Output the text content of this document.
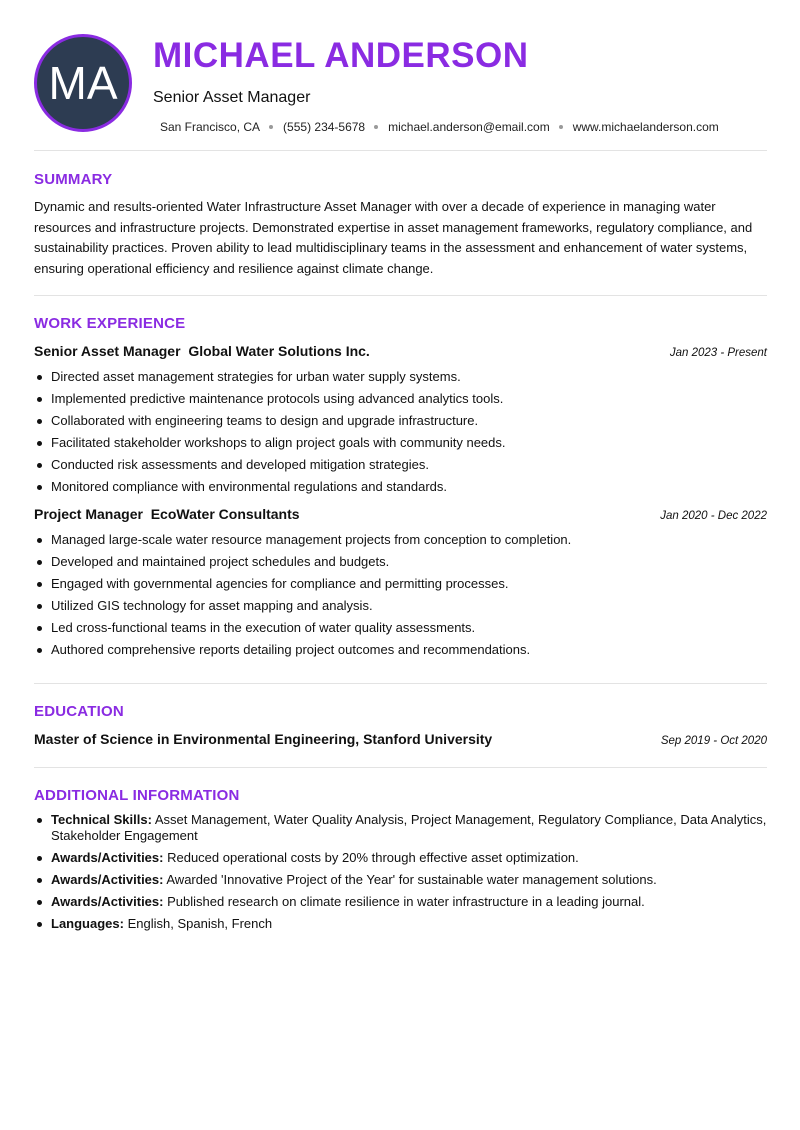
MA
MICHAEL ANDERSON
Senior Asset Manager
San Francisco, CA (555) 234-5678 michael.anderson@email.com www.michaelanderson.com
SUMMARY
Dynamic and results-oriented Water Infrastructure Asset Manager with over a decade of experience in managing water resources and infrastructure projects. Demonstrated expertise in asset management frameworks, regulatory compliance, and sustainability practices. Proven ability to lead multidisciplinary teams in the assessment and enhancement of water systems, ensuring operational efficiency and resilience against climate change.
WORK EXPERIENCE
Senior Asset Manager Global Water Solutions Inc.	Jan 2023 - Present
Directed asset management strategies for urban water supply systems.
Implemented predictive maintenance protocols using advanced analytics tools.
Collaborated with engineering teams to design and upgrade infrastructure.
Facilitated stakeholder workshops to align project goals with community needs.
Conducted risk assessments and developed mitigation strategies.
Monitored compliance with environmental regulations and standards.
Project Manager EcoWater Consultants	Jan 2020 - Dec 2022
Managed large-scale water resource management projects from conception to completion.
Developed and maintained project schedules and budgets.
Engaged with governmental agencies for compliance and permitting processes.
Utilized GIS technology for asset mapping and analysis.
Led cross-functional teams in the execution of water quality assessments.
Authored comprehensive reports detailing project outcomes and recommendations.
EDUCATION
Master of Science in Environmental Engineering, Stanford University	Sep 2019 - Oct 2020
ADDITIONAL INFORMATION
Technical Skills: Asset Management, Water Quality Analysis, Project Management, Regulatory Compliance, Data Analytics, Stakeholder Engagement
Awards/Activities: Reduced operational costs by 20% through effective asset optimization.
Awards/Activities: Awarded 'Innovative Project of the Year' for sustainable water management solutions.
Awards/Activities: Published research on climate resilience in water infrastructure in a leading journal.
Languages: English, Spanish, French
